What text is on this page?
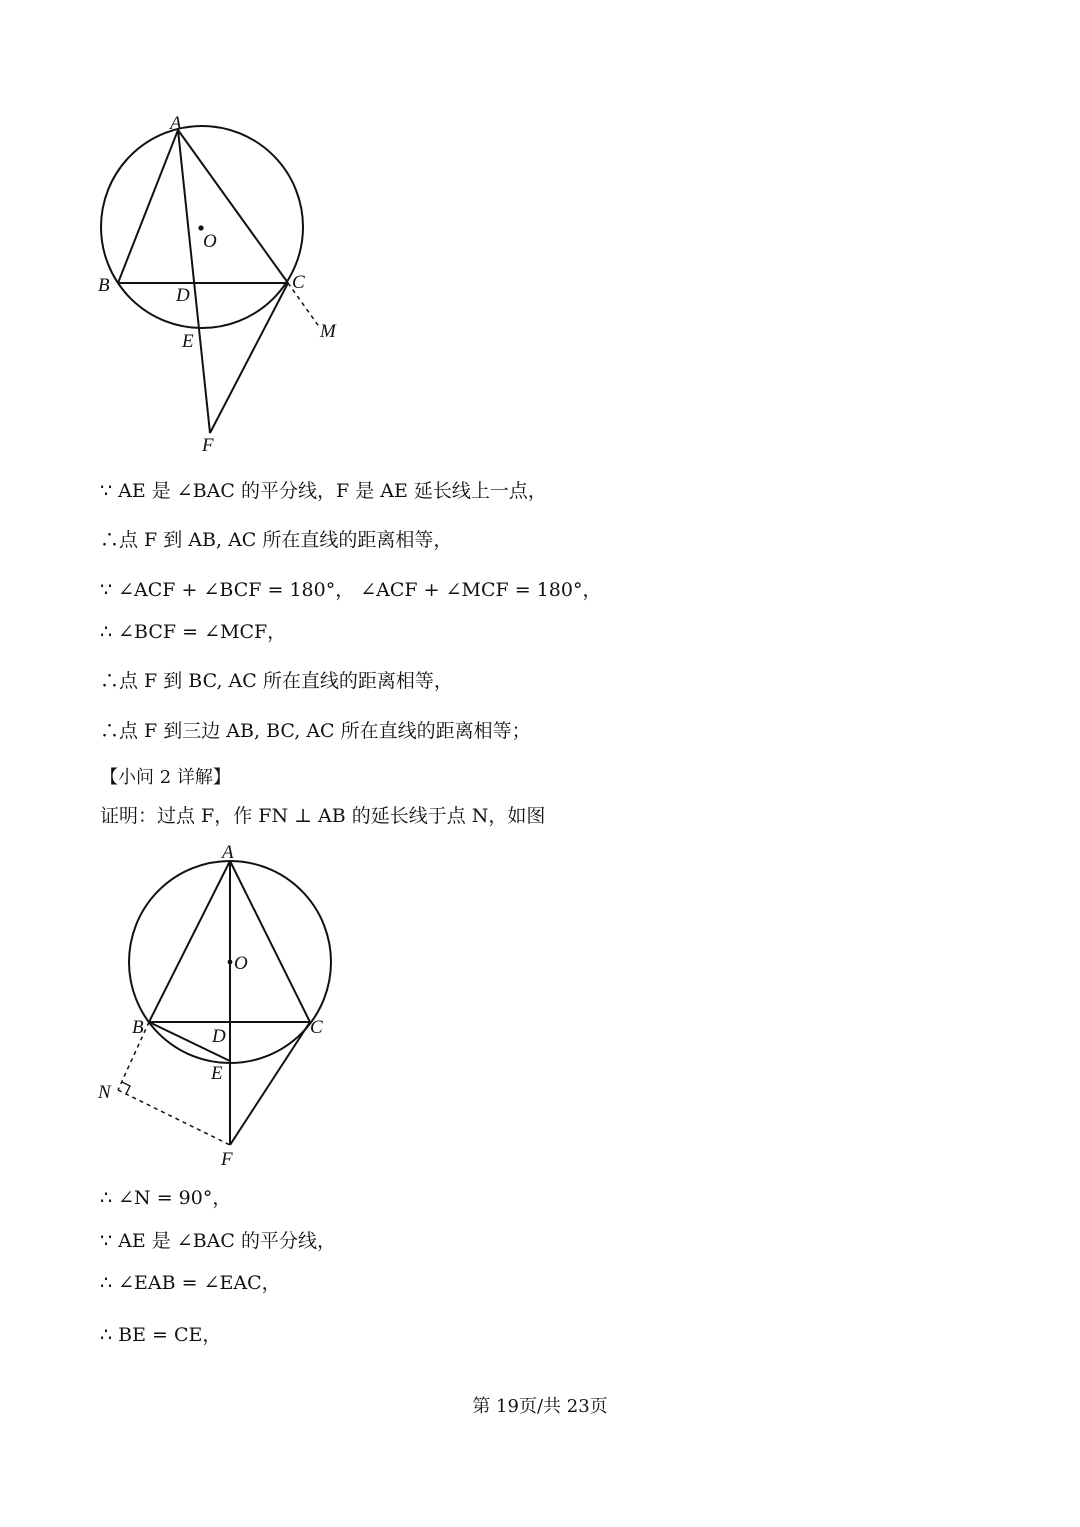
A
O
B	D
C
M
E
F
∵ AE 是 ∠BAC 的平分线，F 是 AE 延长线上一点，
∴点 F 到 AB, AC 所在直线的距离相等，
∵ ∠ACF + ∠BCF = 180°， ∠ACF + ∠MCF = 180°，
∴ ∠BCF = ∠MCF，
∴点 F 到 BC, AC 所在直线的距离相等，
∴点 F 到三边 AB, BC, AC 所在直线的距离相等；
【小问 2 详解】
证明：过点 F，作 FN ⊥ AB 的延长线于点 N，如图
A
O
B	D	C
E
N
F
∴ ∠N = 90°，
∵ AE 是 ∠BAC 的平分线，
∴ ∠EAB = ∠EAC，
∴ BE = CE，
第 19页/共 23页
